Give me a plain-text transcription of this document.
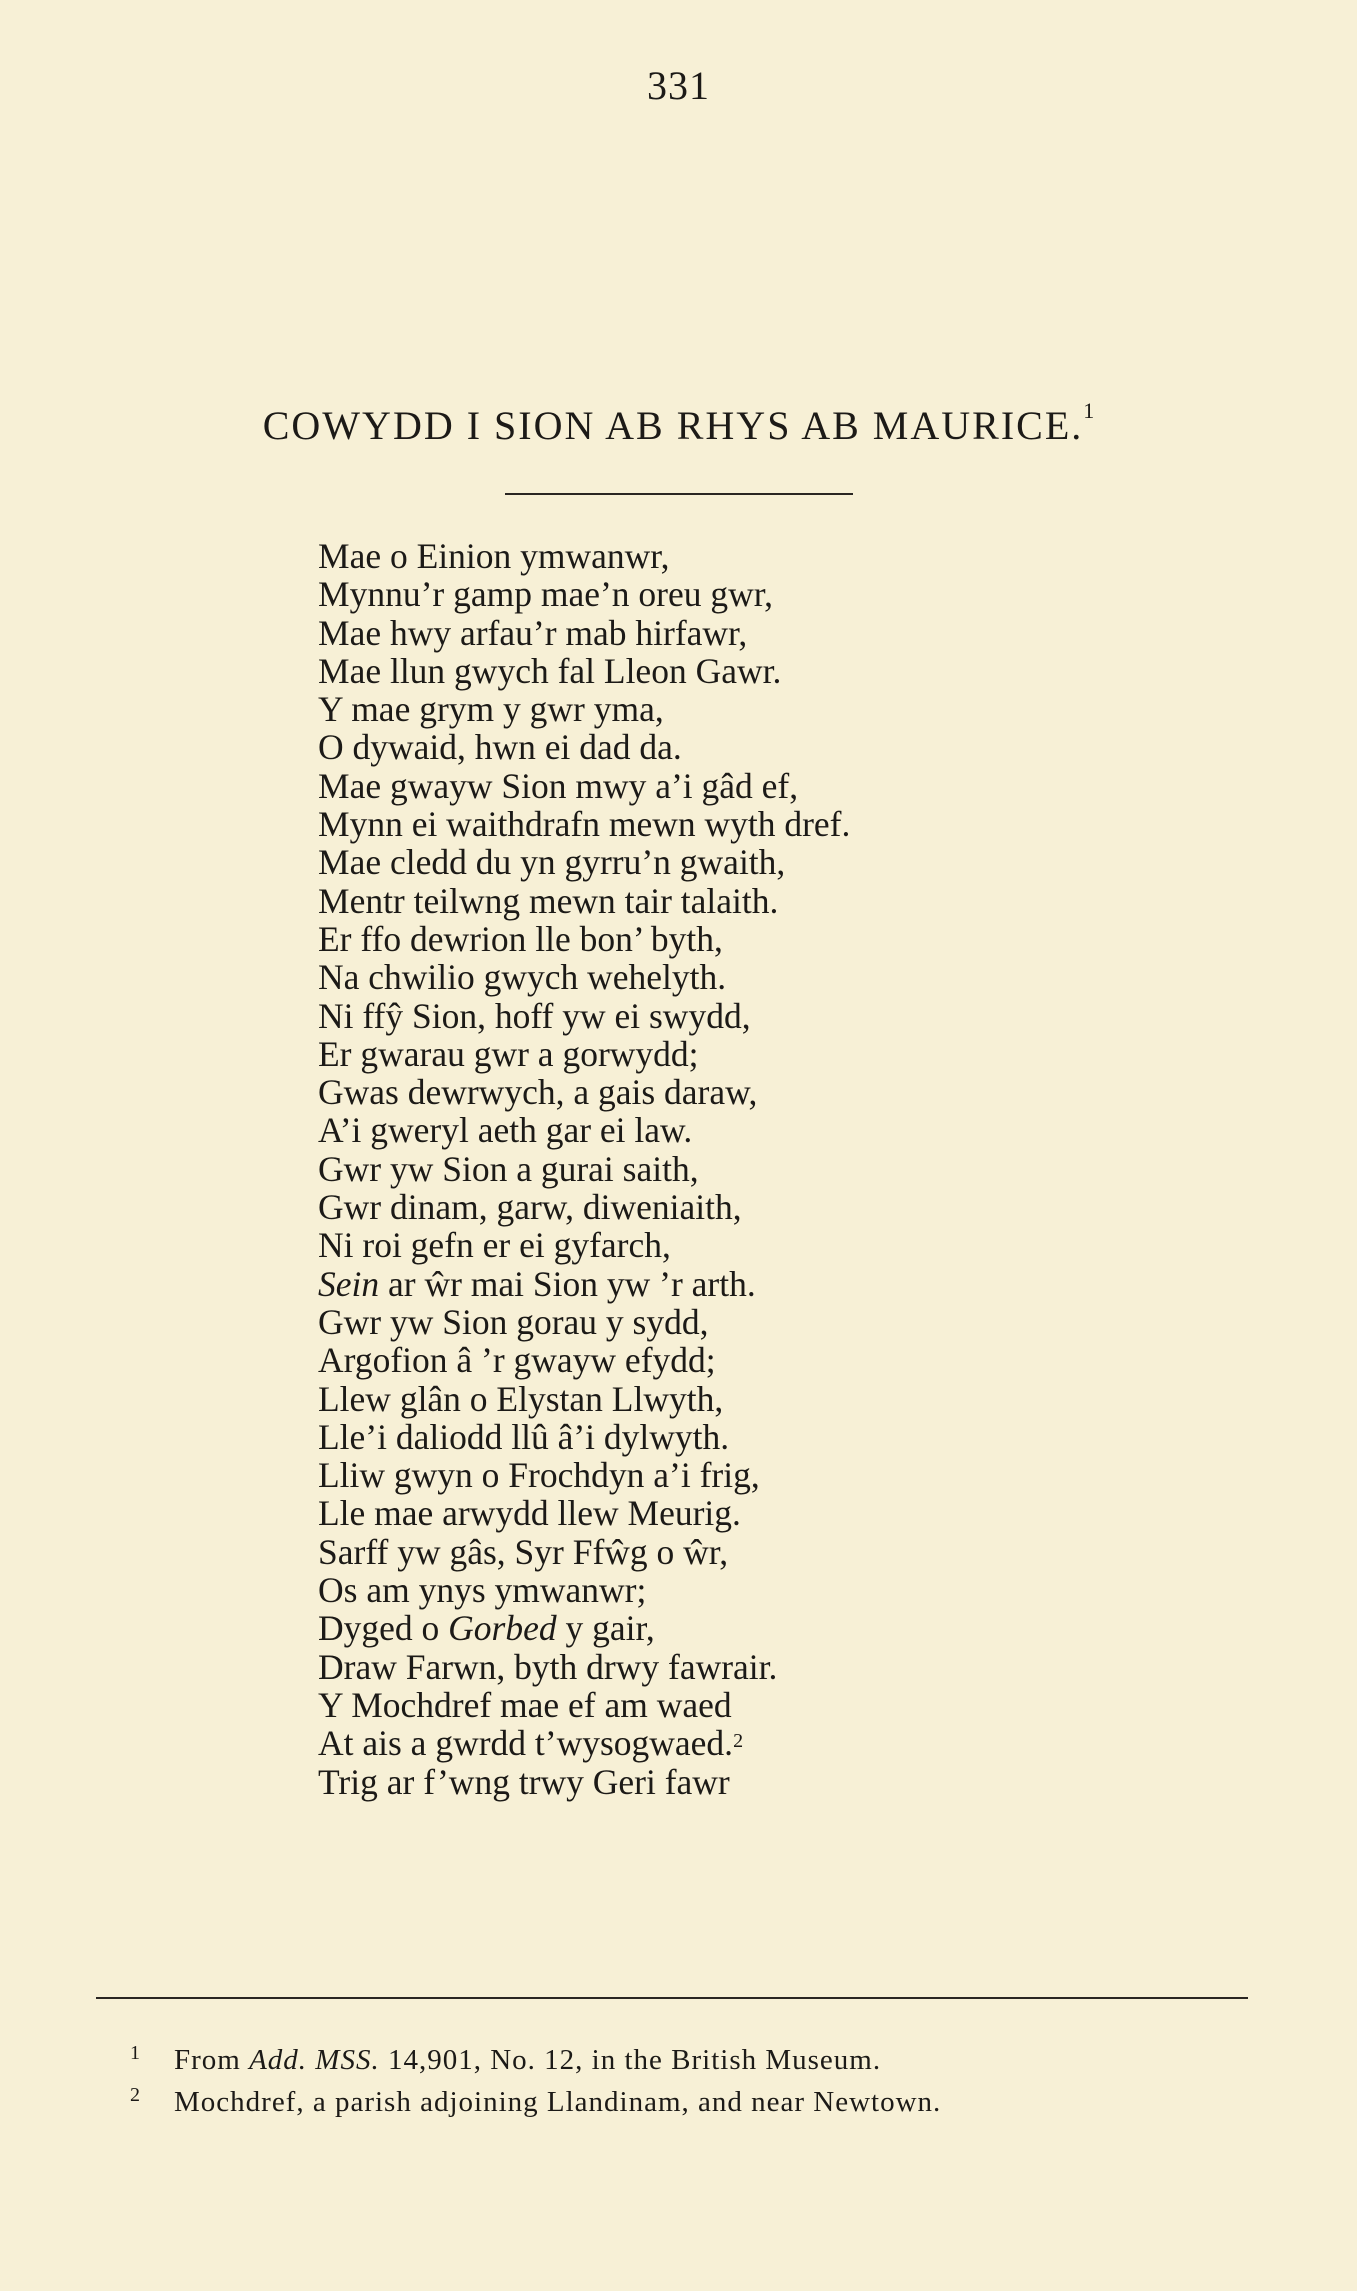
331
COWYDD I SION AB RHYS AB MAURICE.$^1$
Mae o Einion ymwanwr,
Mynnu’r gamp mae’n oreu gwr,
Mae hwy arfau’r mab hirfawr,
Mae llun gwych fal Lleon Gawr.
Y mae grym y gwr yma,
O dywaid, hwn ei dad da.
Mae gwayw Sion mwy a’i gâd ef,
Mynn ei waithdrafn mewn wyth dref.
Mae cledd du yn gyrru’n gwaith,
Mentr teilwng mewn tair talaith.
Er ffo dewrion lle bon’ byth,
Na chwilio gwych wehelyth.
Ni ffŷ Sion, hoff yw ei swydd,
Er gwarau gwr a gorwydd;
Gwas dewrwych, a gais daraw,
A’i gweryl aeth gar ei law.
Gwr yw Sion a gurai saith,
Gwr dinam, garw, diweniaith,
Ni roi gefn er ei gyfarch,
Sein ar ŵr mai Sion yw ’r arth.
Gwr yw Sion gorau y sydd,
Argofion â ’r gwayw efydd;
Llew glân o Elystan Llwyth,
Lle’i daliodd llû â’i dylwyth.
Lliw gwyn o Frochdyn a’i frig,
Lle mae arwydd llew Meurig.
Sarff yw gâs, Syr Ffŵg o ŵr,
Os am ynys ymwanwr;
Dyged o Gorbed y gair,
Draw Farwn, byth drwy fawrair.
Y Mochdref mae ef am waed
At ais a gwrdd t’wysogwaed.$^2$
Trig ar f’wng trwy Geri fawr
1 From Add. MSS. 14,901, No. 12, in the British Museum.
2 Mochdref, a parish adjoining Llandinam, and near Newtown.
